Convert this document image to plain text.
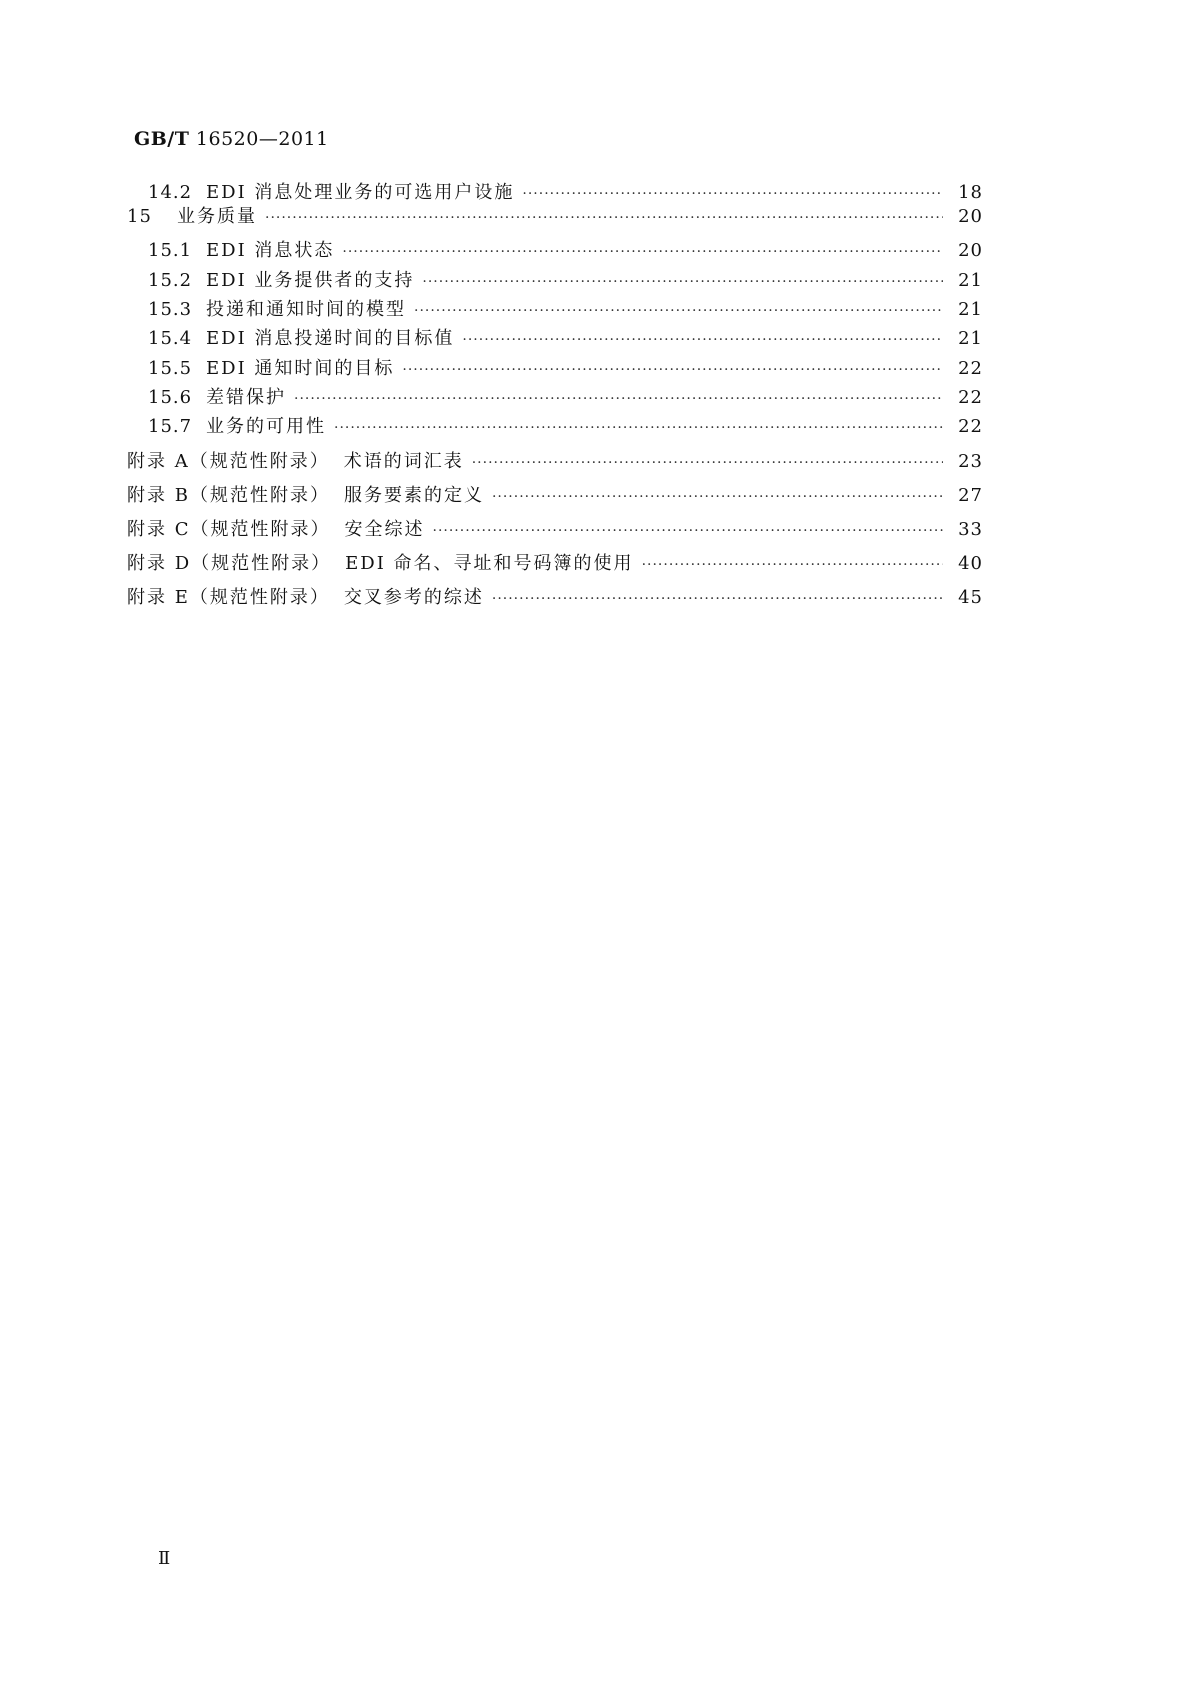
GB/T 16520—2011
14.2 EDI 消息处理业务的可选用户设施 ·····	18
15	业务质量 ·····	20
15.1 EDI 消息状态 ·····	20
15.2 EDI 业务提供者的支持 ·····	21
15.3 投递和通知时间的模型 ·····	21
15.4 EDI 消息投递时间的目标值 ·····	21
15.5 EDI 通知时间的目标 ·····	22
15.6 差错保护 ·····	22
15.7 业务的可用性 ·····	22
附录 A（规范性附录） 术语的词汇表 ·····	23
附录 B（规范性附录） 服务要素的定义 ·····	27
附录 C（规范性附录） 安全综述 ·····	33
附录 D（规范性附录） EDI 命名、寻址和号码簿的使用 ·····	40
附录 E（规范性附录） 交叉参考的综述 ·····	45
Ⅱ
